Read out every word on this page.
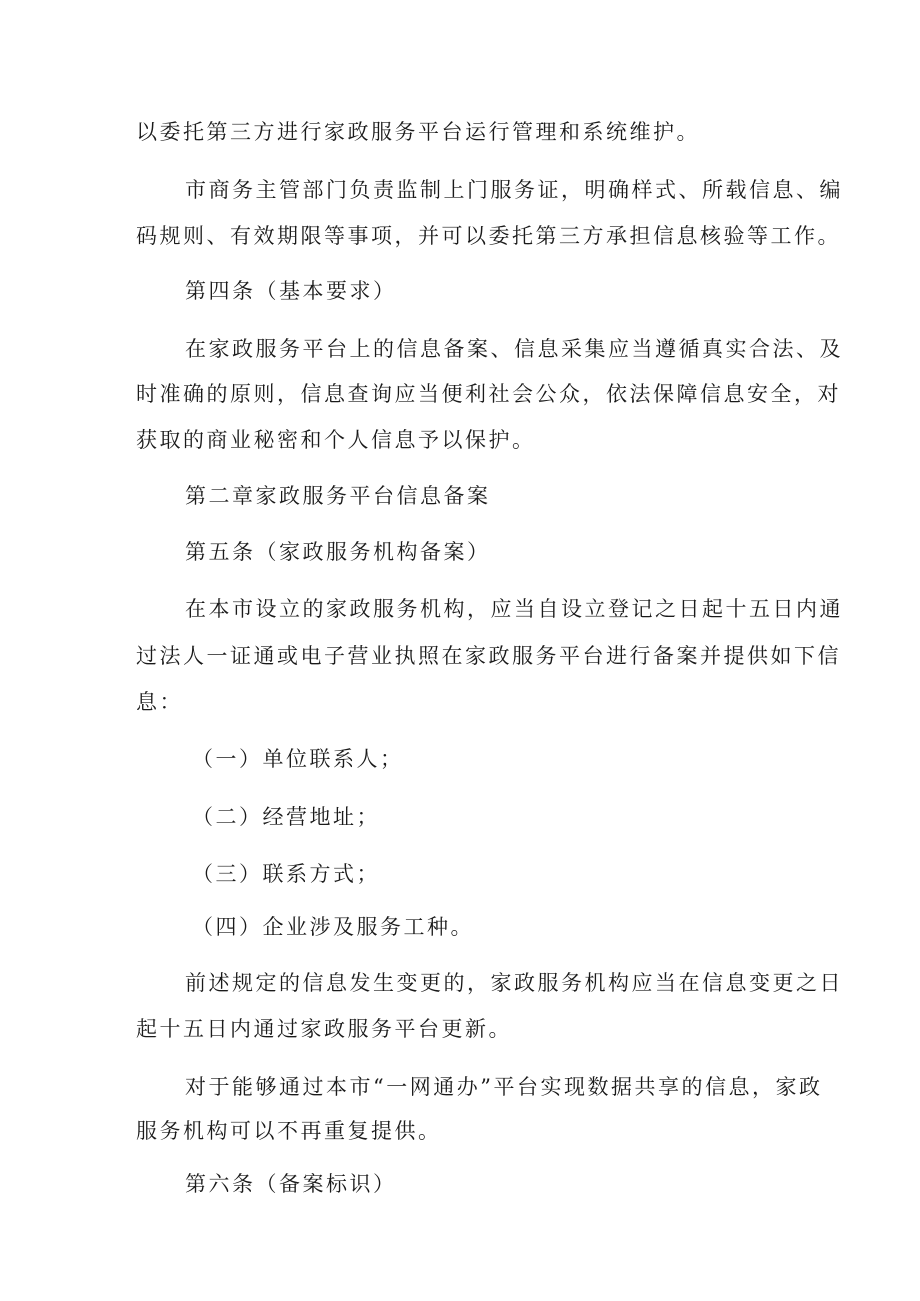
以委托第三方进行家政服务平台运行管理和系统维护。
市商务主管部门负责监制上门服务证，明确样式、所载信息、编
码规则、有效期限等事项，并可以委托第三方承担信息核验等工作。
第四条（基本要求）
在家政服务平台上的信息备案、信息采集应当遵循真实合法、及
时准确的原则，信息查询应当便利社会公众，依法保障信息安全，对
获取的商业秘密和个人信息予以保护。
第二章家政服务平台信息备案
第五条（家政服务机构备案）
在本市设立的家政服务机构，应当自设立登记之日起十五日内通
过法人一证通或电子营业执照在家政服务平台进行备案并提供如下信
息：
（一）单位联系人；
（二）经营地址；
（三）联系方式；
（四）企业涉及服务工种。
前述规定的信息发生变更的，家政服务机构应当在信息变更之日
起十五日内通过家政服务平台更新。
对于能够通过本市“一网通办”平台实现数据共享的信息，家政
服务机构可以不再重复提供。
第六条（备案标识）
